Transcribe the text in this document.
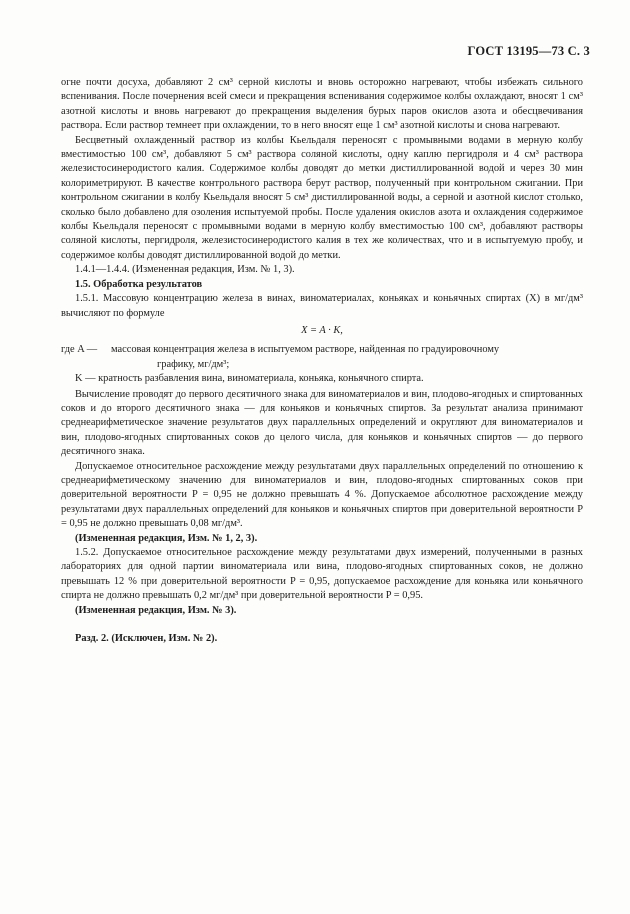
ГОСТ 13195—73 С. 3

огне почти досуха, добавляют 2 см³ серной кислоты и вновь осторожно нагревают, чтобы избежать сильного вспенивания. После почернения всей смеси и прекращения вспенивания содержимое колбы охлаждают, вносят 1 см³ азотной кислоты и вновь нагревают до прекращения выделения бурых паров окислов азота и обесцвечивания раствора. Если раствор темнеет при охлаждении, то в него вносят еще 1 см³ азотной кислоты и снова нагревают.

Бесцветный охлажденный раствор из колбы Кьельдаля переносят с промывными водами в мерную колбу вместимостью 100 см³, добавляют 5 см³ раствора соляной кислоты, одну каплю пергидроля и 4 см³ раствора железистосинеродистого калия. Содержимое колбы доводят до метки дистиллированной водой и через 30 мин колориметрируют. В качестве контрольного раствора берут раствор, полученный при контрольном сжигании. При контрольном сжигании в колбу Кьельдаля вносят 5 см³ дистиллированной воды, а серной и азотной кислот столько, сколько было добавлено для озоления испытуемой пробы. После удаления окислов азота и охлаждения содержимое колбы Кьельдаля переносят с промывными водами в мерную колбу вместимостью 100 см³, добавляют растворы соляной кислоты, пергидроля, железистосинеродистого калия в тех же количествах, что и в испытуемую пробу, и содержимое колбы доводят дистиллированной водой до метки.

1.4.1—1.4.4. (Измененная редакция, Изм. № 1, 3).

1.5. Обработка результатов

1.5.1. Массовую концентрацию железа в винах, виноматериалах, коньяках и коньячных спиртах (X) в мг/дм³ вычисляют по формуле

X = A · K,

где A —	массовая концентрация железа в испытуемом растворе, найденная по градуировочному
графику, мг/дм³;

K — кратность разбавления вина, виноматериала, коньяка, коньячного спирта.

Вычисление проводят до первого десятичного знака для виноматериалов и вин, плодово-ягодных и спиртованных соков и до второго десятичного знака — для коньяков и коньячных спиртов. За результат анализа принимают среднеарифметическое значение результатов двух параллельных определений и округляют для виноматериалов и вин, плодово-ягодных спиртованных соков до целого числа, для коньяков и коньячных спиртов — до первого десятичного знака.

Допускаемое относительное расхождение между результатами двух параллельных определений по отношению к среднеарифметическому значению для виноматериалов и вин, плодово-ягодных спиртованных соков при доверительной вероятности P = 0,95 не должно превышать 4 %. Допускаемое абсолютное расхождение между результатами двух параллельных определений для коньяков и коньячных спиртов при доверительной вероятности P = 0,95 не должно превышать 0,08 мг/дм³.

(Измененная редакция, Изм. № 1, 2, 3).

1.5.2. Допускаемое относительное расхождение между результатами двух измерений, полученными в разных лабораториях для одной партии виноматериала или вина, плодово-ягодных спиртованных соков, не должно превышать 12 % при доверительной вероятности P = 0,95, допускаемое расхождение для коньяка или коньячного спирта не должно превышать 0,2 мг/дм³ при доверительной вероятности P = 0,95.

(Измененная редакция, Изм. № 3).

Разд. 2. (Исключен, Изм. № 2).
